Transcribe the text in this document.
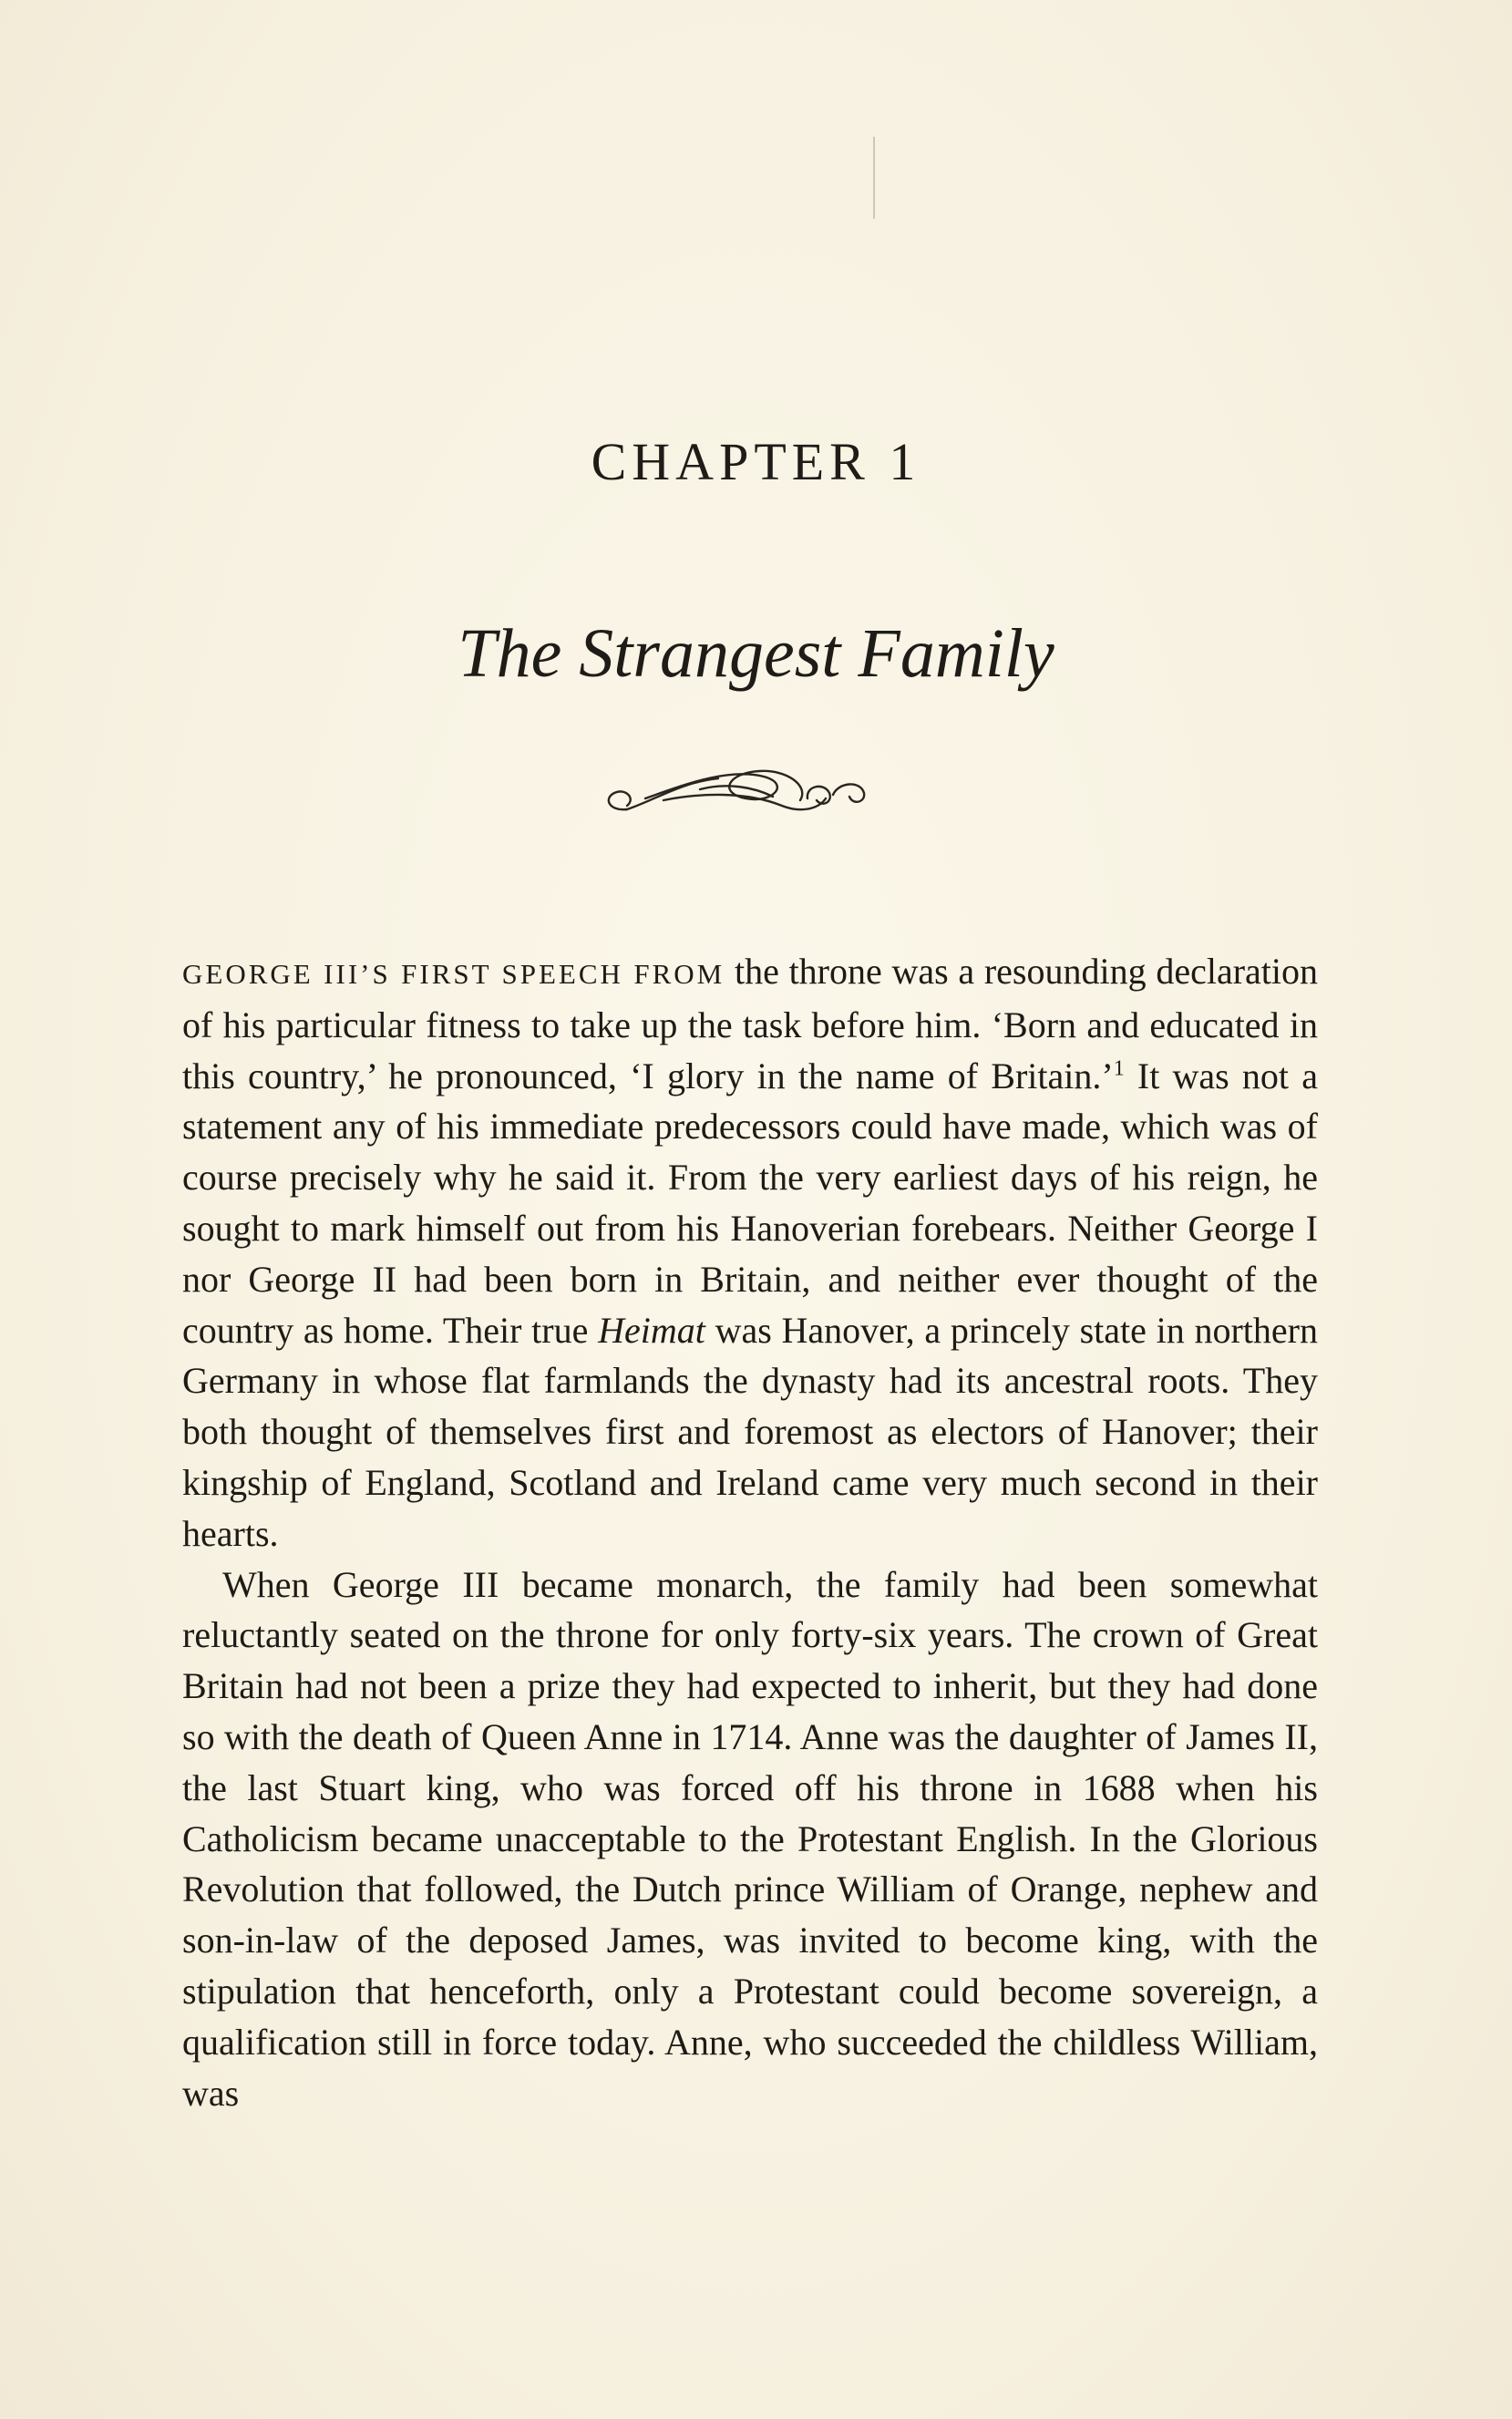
CHAPTER 1
The Strangest Family

GEORGE III’S FIRST SPEECH FROM the throne was a resounding declaration of his particular fitness to take up the task before him. ‘Born and educated in this country,’ he pronounced, ‘I glory in the name of Britain.’$^1$ It was not a statement any of his immediate predecessors could have made, which was of course precisely why he said it. From the very earliest days of his reign, he sought to mark himself out from his Hanoverian forebears. Neither George I nor George II had been born in Britain, and neither ever thought of the country as home. Their true Heimat was Hanover, a princely state in northern Germany in whose flat farmlands the dynasty had its ancestral roots. They both thought of themselves first and foremost as electors of Hanover; their kingship of England, Scotland and Ireland came very much second in their hearts.

When George III became monarch, the family had been somewhat reluctantly seated on the throne for only forty-six years. The crown of Great Britain had not been a prize they had expected to inherit, but they had done so with the death of Queen Anne in 1714. Anne was the daughter of James II, the last Stuart king, who was forced off his throne in 1688 when his Catholicism became unacceptable to the Protestant English. In the Glorious Revolution that followed, the Dutch prince William of Orange, nephew and son-in-law of the deposed James, was invited to become king, with the stipulation that henceforth, only a Protestant could become sovereign, a qualification still in force today. Anne, who succeeded the childless William, was
